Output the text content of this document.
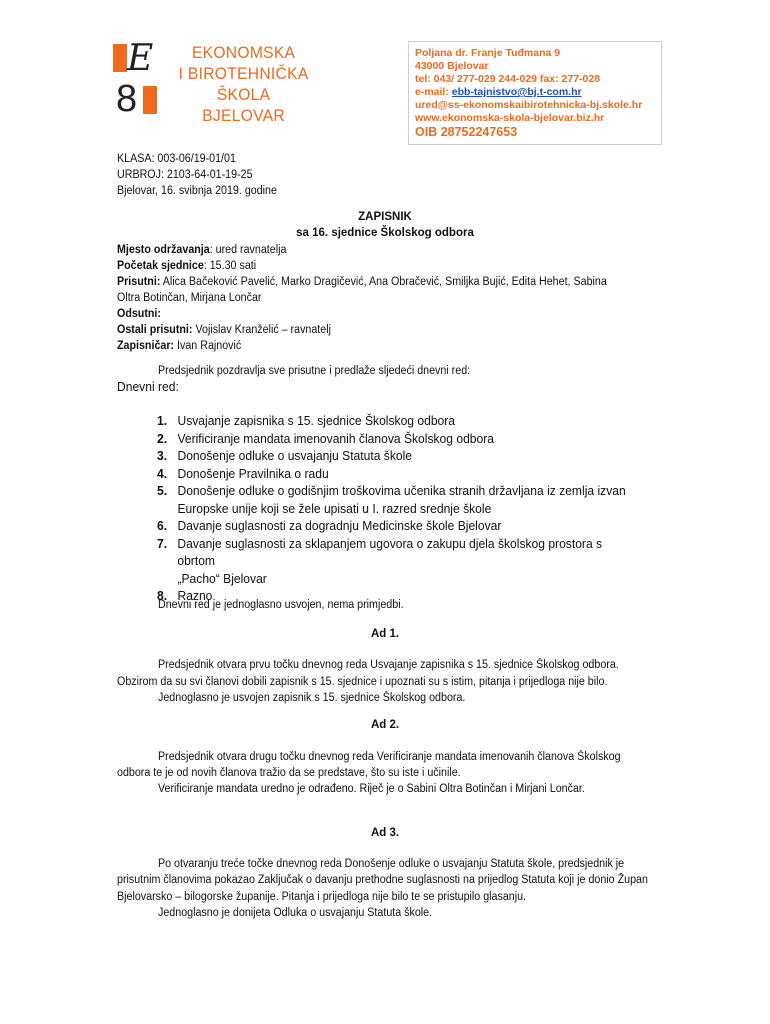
E
8
EKONOMSKA
I BIROTEHNIČKA ŠKOLA
BJELOVAR
Poljana dr. Franje Tuđmana 9
43000 Bjelovar
tel: 043/ 277-029 244-029 fax: 277-028
e-mail: ebb-tajnistvo@bj.t-com.hr
ured@ss-ekonomskaibirotehnicka-bj.skole.hr
www.ekonomska-skola-bjelovar.biz.hr
OIB 28752247653
KLASA: 003-06/19-01/01
URBROJ: 2103-64-01-19-25
Bjelovar, 16. svibnja 2019. godine
ZAPISNIK
sa 16. sjednice Školskog odbora
Mjesto održavanja: ured ravnatelja
Početak sjednice: 15.30 sati
Prisutni: Alica Bačeković Pavelić, Marko Dragičević, Ana Obračević, Smiljka Bujić, Edita Hehet, Sabina Oltra Botinčan, Mirjana Lončar
Odsutni:
Ostali prisutni: Vojislav Kranželić – ravnatelj
Zapisničar: Ivan Rajnović
Predsjednik pozdravlja sve prisutne i predlaže sljedeći dnevni red:
Dnevni red:
1. Usvajanje zapisnika s 15. sjednice Školskog odbora
2. Verificiranje mandata imenovanih članova Školskog odbora
3. Donošenje odluke o usvajanju Statuta škole
4. Donošenje Pravilnika o radu
5. Donošenje odluke o godišnjim troškovima učenika stranih državljana iz zemlja izvan
Europske unije koji se žele upisati u I. razred srednje škole
6. Davanje suglasnosti za dogradnju Medicinske škole Bjelovar
7. Davanje suglasnosti za sklapanjem ugovora o zakupu djela školskog prostora s obrtom
„Pacho“ Bjelovar
8. Razno
Dnevni red je jednoglasno usvojen, nema primjedbi.
Ad 1.
Predsjednik otvara prvu točku dnevnog reda Usvajanje zapisnika s 15. sjednice Školskog odbora.
Obzirom da su svi članovi dobili zapisnik s 15. sjednice i upoznati su s istim, pitanja i prijedloga nije bilo.
Jednoglasno je usvojen zapisnik s 15. sjednice Školskog odbora.
Ad 2.
Predsjednik otvara drugu točku dnevnog reda Verificiranje mandata imenovanih članova Školskog
odbora te je od novih članova tražio da se predstave, što su iste i učinile.
Verificiranje mandata uredno je odrađeno. Riječ je o Sabini Oltra Botinčan i Mirjani Lončar.
Ad 3.
Po otvaranju treće točke dnevnog reda Donošenje odluke o usvajanju Statuta škole, predsjednik je
prisutnim članovima pokazao Zaključak o davanju prethodne suglasnosti na prijedlog Statuta koji je donio Župan
Bjelovarsko – bilogorske županije. Pitanja i prijedloga nije bilo te se pristupilo glasanju.
Jednoglasno je donijeta Odluka o usvajanju Statuta škole.
